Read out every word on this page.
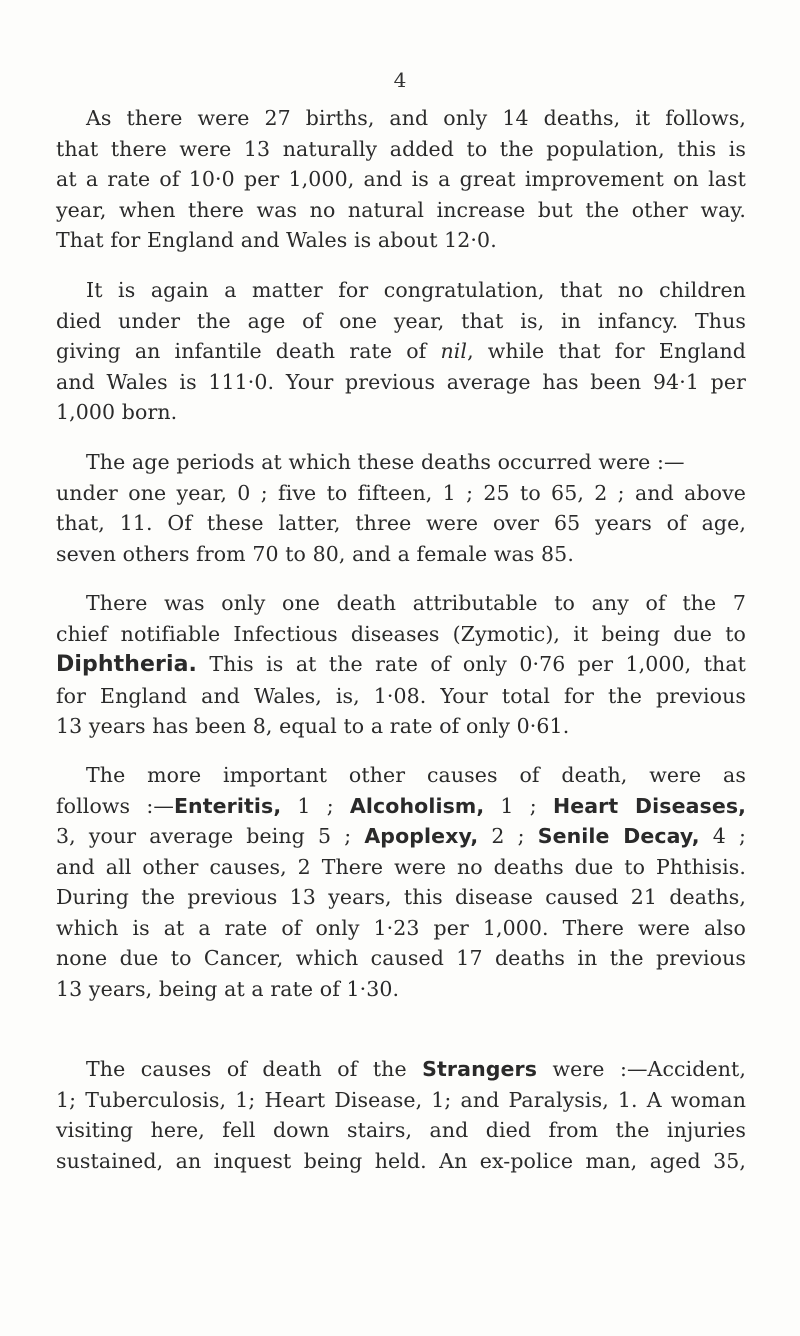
4
As there were 27 births, and only 14 deaths, it follows,
that there were 13 naturally added to the population, this is
at a rate of 10·0 per 1,000, and is a great improvement on last
year, when there was no natural increase but the other way.
That for England and Wales is about 12·0.
It is again a matter for congratulation, that no children
died under the age of one year, that is, in infancy. Thus
giving an infantile death rate of nil, while that for England
and Wales is 111·0. Your previous average has been 94·1 per
1,000 born.
The age periods at which these deaths occurred were :—
under one year, 0 ; five to fifteen, 1 ; 25 to 65, 2 ; and above
that, 11. Of these latter, three were over 65 years of age,
seven others from 70 to 80, and a female was 85.
There was only one death attributable to any of the 7
chief notifiable Infectious diseases (Zymotic), it being due to
Diphtheria. This is at the rate of only 0·76 per 1,000, that
for England and Wales, is, 1·08. Your total for the previous
13 years has been 8, equal to a rate of only 0·61.
The more important other causes of death, were as
follows :—Enteritis, 1 ; Alcoholism, 1 ; Heart Diseases,
3, your average being 5 ; Apoplexy, 2 ; Senile Decay, 4 ;
and all other causes, 2 There were no deaths due to Phthisis.
During the previous 13 years, this disease caused 21 deaths,
which is at a rate of only 1·23 per 1,000. There were also
none due to Cancer, which caused 17 deaths in the previous
13 years, being at a rate of 1·30.
The causes of death of the Strangers were :—Accident,
1; Tuberculosis, 1; Heart Disease, 1; and Paralysis, 1. A woman
visiting here, fell down stairs, and died from the injuries
sustained, an inquest being held. An ex-police man, aged 35,
